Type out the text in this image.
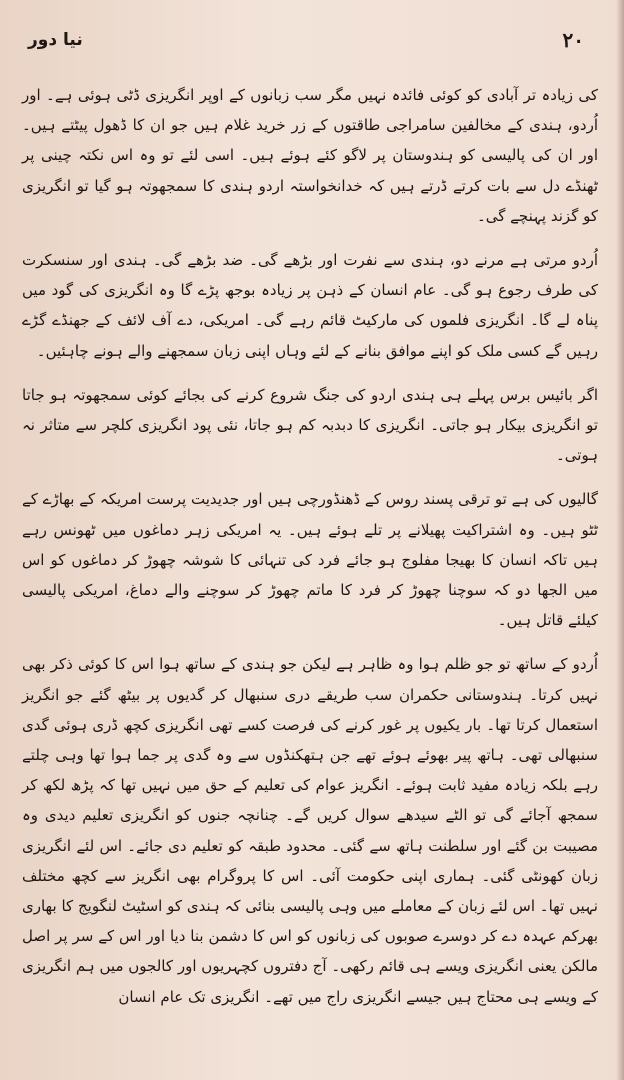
۲۰
نیا دور

کی زیادہ تر آبادی کو کوئی فائدہ نہیں مگر سب زبانوں کے اوپر انگریزی ڈٹی ہوئی ہے۔ اور اُردو، ہندی کے مخالفین سامراجی طاقتوں کے زر خرید غلام ہیں جو ان کا ڈھول پیٹتے ہیں۔ اور ان کی پالیسی کو ہندوستان پر لاگو کئے ہوئے ہیں۔ اسی لئے تو وہ اس نکتہ چینی پر ٹھنڈے دل سے بات کرتے ڈرتے ہیں کہ خدانخواستہ اردو ہندی کا سمجھوتہ ہو گیا تو انگریزی کو گزند پہنچے گی۔

اُردو مرتی ہے مرنے دو، ہندی سے نفرت اور بڑھے گی۔ ضد بڑھے گی۔ ہندی اور سنسکرت کی طرف رجوع ہو گی۔ عام انسان کے ذہن پر زیادہ بوجھ پڑے گا وہ انگریزی کی گود میں پناہ لے گا۔ انگریزی فلموں کی مارکیٹ قائم رہے گی۔ امریکی، دے آف لائف کے جھنڈے گڑے رہیں گے کسی ملک کو اپنے موافق بنانے کے لئے وہاں اپنی زبان سمجھنے والے ہونے چاہئیں۔

اگر بائیس برس پہلے ہی ہندی اردو کی جنگ شروع کرنے کی بجائے کوئی سمجھوتہ ہو جاتا تو انگریزی بیکار ہو جاتی۔ انگریزی کا دبدبہ کم ہو جاتا، نئی پود انگریزی کلچر سے متاثر نہ ہوتی۔

گالیوں کی ہے تو ترقی پسند روس کے ڈھنڈورچی ہیں اور جدیدیت پرست امریکہ کے بھاڑے کے ٹٹو ہیں۔ وہ اشتراکیت پھیلانے پر تلے ہوئے ہیں۔ یہ امریکی زہر دماغوں میں ٹھونس رہے ہیں تاکہ انسان کا بھیجا مفلوج ہو جائے فرد کی تنہائی کا شوشہ چھوڑ کر دماغوں کو اس میں الجھا دو کہ سوچنا چھوڑ کر فرد کا ماتم چھوڑ کر سوچنے والے دماغ، امریکی پالیسی کیلئے قاتل ہیں۔

اُردو کے ساتھ تو جو ظلم ہوا وہ ظاہر ہے لیکن جو ہندی کے ساتھ ہوا اس کا کوئی ذکر بھی نہیں کرتا۔ ہندوستانی حکمران سب طریقے دری سنبھال کر گدیوں پر بیٹھ گئے جو انگریز استعمال کرتا تھا۔ بار یکیوں پر غور کرنے کی فرصت کسے تھی انگریزی کچھ ڈری ہوئی گدی سنبھالی تھی۔ ہاتھ پیر بھوئے ہوئے تھے جن ہتھکنڈوں سے وہ گدی پر جما ہوا تھا وہی چلتے رہے بلکہ زیادہ مفید ثابت ہوئے۔ انگریز عوام کی تعلیم کے حق میں نہیں تھا کہ پڑھ لکھ کر سمجھ آجائے گی تو الٹے سیدھے سوال کریں گے۔ چنانچہ جنوں کو انگریزی تعلیم دیدی وہ مصیبت بن گئے اور سلطنت ہاتھ سے گئی۔ محدود طبقہ کو تعلیم دی جائے۔ اس لئے انگریزی زبان کھونٹی گئی۔ ہماری اپنی حکومت آئی۔ اس کا پروگرام بھی انگریز سے کچھ مختلف نہیں تھا۔ اس لئے زبان کے معاملے میں وہی پالیسی بنائی کہ ہندی کو اسٹیٹ لنگویج کا بھاری بھرکم عہدہ دے کر دوسرے صوبوں کی زبانوں کو اس کا دشمن بنا دیا اور اس کے سر پر اصل مالکن یعنی انگریزی ویسے ہی قائم رکھی۔ آج دفتروں کچہریوں اور کالجوں میں ہم انگریزی کے ویسے ہی محتاج ہیں جیسے انگریزی راج میں تھے۔ انگریزی تک عام انسان
